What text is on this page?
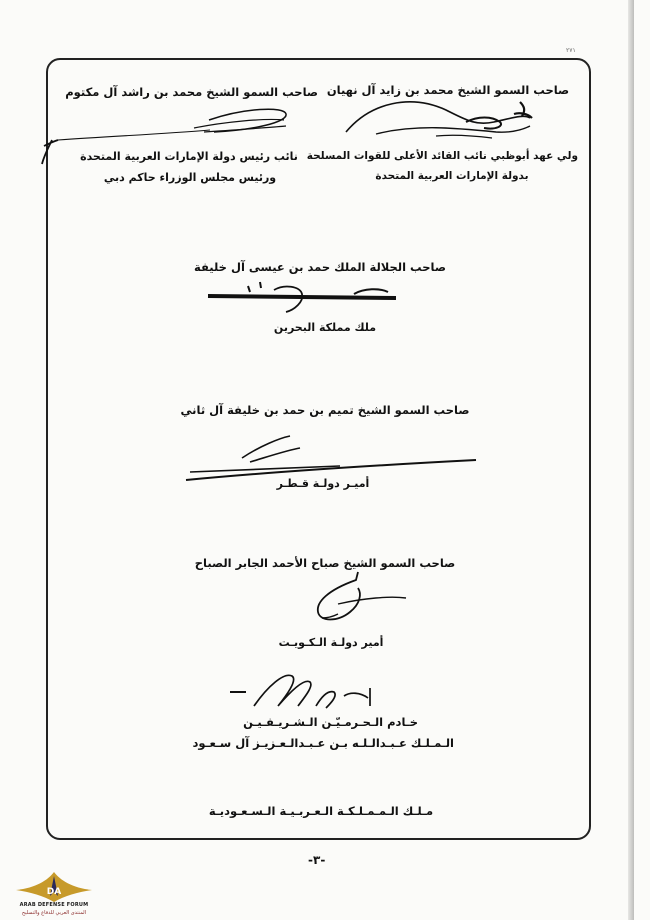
٢٧١
صاحب السمو الشيخ محمد بن زايد آل نهيان
ولي عهد أبوظبي نائب القائد الأعلى للقوات المسلحة
بدولة الإمارات العربية المتحدة
صاحب السمو الشيخ محمد بن راشد آل مكتوم
نائب رئيس دولة الإمارات العربية المتحدة
ورئيس مجلس الوزراء حاكم دبي
صاحب الجلالة الملك حمد بن عيسى آل خليفة
ملك مملكة البحرين
صاحب السمو الشيخ تميم بن حمد بن خليفة آل ثاني
أميـر دولـة قـطـر
صاحب السمو الشيخ صباح الأحمد الجابر الصباح
أمير دولـة الـكـويـت
خـادم الـحـرمـيّـن الـشـريـفـيـن
الـمـلـك عـبـدالـلـه بـن عـبـدالـعـزيـز آل سـعـود
مـلـك الـمـمـلـكـة الـعـربـيـة الـسـعـوديـة
-٣-
DA
ARAB DEFENSE FORUM
المنتدى العربي للدفاع والتسليح
